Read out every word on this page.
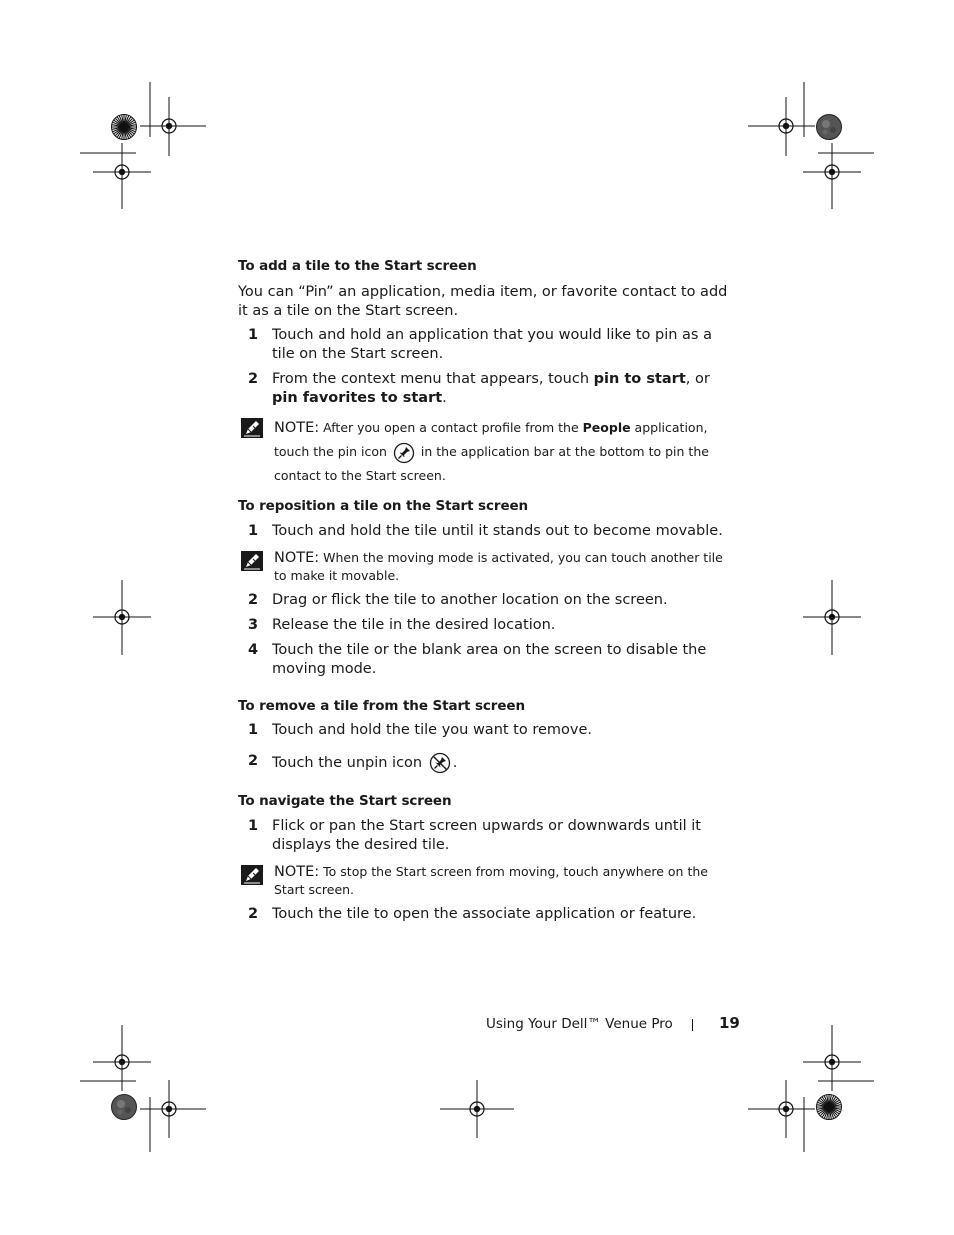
To add a tile to the Start screen
You can “Pin” an application, media item, or favorite contact to add it as a tile on the Start screen.
1 Touch and hold an application that you would like to pin as a tile on the Start screen.
2 From the context menu that appears, touch pin to start, or pin favorites to start.
NOTE: After you open a contact profile from the People application, touch the pin icon  in the application bar at the bottom to pin the contact to the Start screen.
To reposition a tile on the Start screen
1 Touch and hold the tile until it stands out to become movable.
NOTE: When the moving mode is activated, you can touch another tile to make it movable.
2 Drag or flick the tile to another location on the screen.
3 Release the tile in the desired location.
4 Touch the tile or the blank area on the screen to disable the moving mode.
To remove a tile from the Start screen
1 Touch and hold the tile you want to remove.
2 Touch the unpin icon .
To navigate the Start screen
1 Flick or pan the Start screen upwards or downwards until it displays the desired tile.
NOTE: To stop the Start screen from moving, touch anywhere on the Start screen.
2 Touch the tile to open the associate application or feature.
Using Your Dell™ Venue Pro	19
